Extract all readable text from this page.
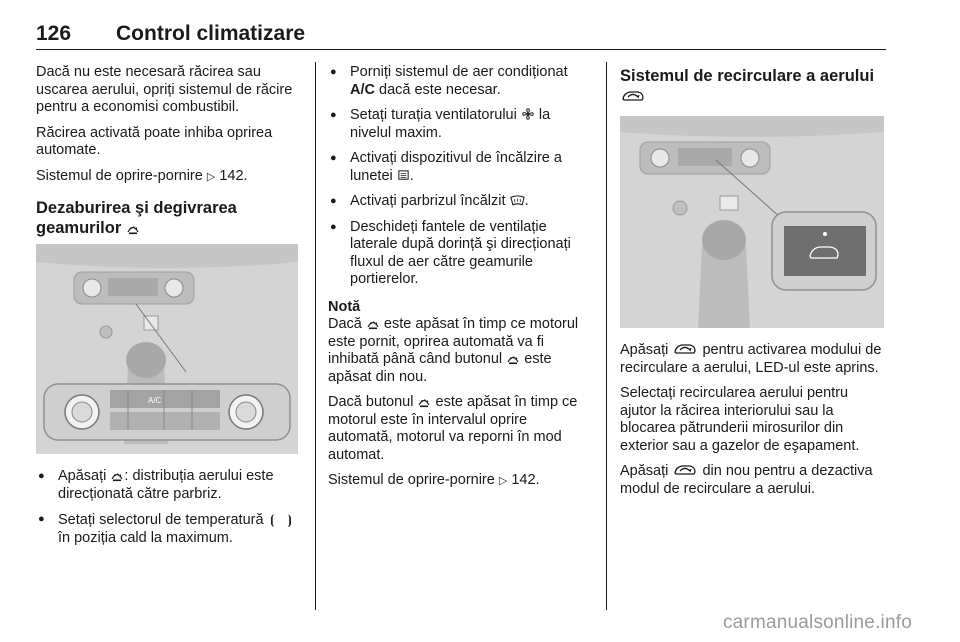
126 Control climatizare

Dacă nu este necesară răcirea sau uscarea aerului, opriți sistemul de răcire pentru a economisi combustibil.

Răcirea activată poate inhiba oprirea automate.

Sistemul de oprire-pornire ▷ 142.

Dezaburirea şi degivrarea geamurilor
A/C
● Apăsați : distribuția aerului este direcționată către parbriz.
● Setați selectorul de temperatură  ⦗ ⦘ în poziția cald la maximum.
● Porniți sistemul de aer condiționat A/C dacă este necesar.
● Setați turația ventilatorului la nivelul maxim.
● Activați dispozitivul de încălzire a lunetei .
● Activați parbrizul încălzit .
● Deschideți fantele de ventilație laterale după dorință şi direcționați fluxul de aer către geamurile portierelor.
Notă

Dacă este apăsat în timp ce motorul este pornit, oprirea automată va fi inhibată până când butonul este apăsat din nou.

Dacă butonul este apăsat în timp ce motorul este în intervalul oprire automată, motorul va reporni în mod automat.

Sistemul de oprire-pornire ▷ 142.

Sistemul de recirculare a aerului

Apăsați pentru activarea modului de recirculare a aerului, LED-ul este aprins.

Selectați recircularea aerului pentru ajutor la răcirea interiorului sau la blocarea pătrunderii mirosurilor din exterior sau a gazelor de eşapament.

Apăsați din nou pentru a dezactiva modul de recirculare a aerului.

carmanualsonline.info
